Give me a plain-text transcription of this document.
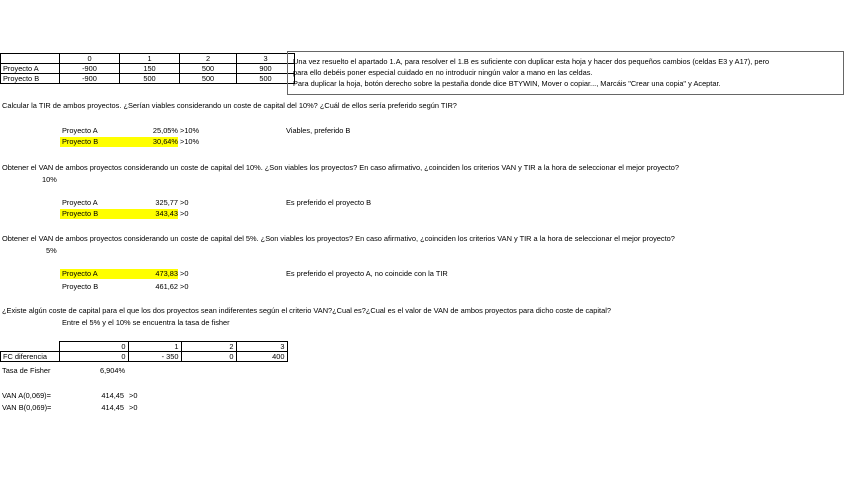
	0	1	2	3
Proyecto A	-900	150	500	900
Proyecto B	-900	500	500	500
Una vez resuelto el apartado 1.A, para resolver el 1.B es suficiente con duplicar esta hoja y hacer dos pequeños cambios (celdas E3 y A17), pero
para ello debéis poner especial cuidado en no introducir ningún valor a mano en las celdas.
Para duplicar la hoja, botón derecho sobre la pestaña donde dice BTYWIN, Mover o copiar..., Marcáis "Crear una copia" y Aceptar.
Calcular la TIR de ambos proyectos. ¿Serían viables considerando un coste de capital del 10%? ¿Cuál de ellos sería preferido según TIR?
Proyecto A	25,05% >10%
Proyecto B	30,64% >10%
Viables, preferido B
Obtener el VAN de ambos proyectos considerando un coste de capital del 10%. ¿Son viables los proyectos? En caso afirmativo, ¿coinciden los criterios VAN y TIR a la hora de seleccionar el mejor proyecto?
10%
Proyecto A	325,77 >0
Proyecto B	343,43 >0
Es preferido el proyecto B
Obtener el VAN de ambos proyectos considerando un coste de capital del 5%. ¿Son viables los proyectos? En caso afirmativo, ¿coinciden los criterios VAN y TIR a la hora de seleccionar el mejor proyecto?
5%
Proyecto A	473,83 >0
Proyecto B	461,62 >0
Es preferido el proyecto A, no coincide con la TIR
¿Existe algún coste de capital para el que los dos proyectos sean indiferentes según el criterio VAN?¿Cual es?¿Cual es el valor de VAN de ambos proyectos para dicho coste de capital?
Entre el 5% y el 10% se encuentra la tasa de fisher
	0	1	2	3
FC diferencia	0	- 350	0	400
Tasa de Fisher	6,904%
VAN A(0,069)=	414,45 >0
VAN B(0,069)=	414,45 >0
